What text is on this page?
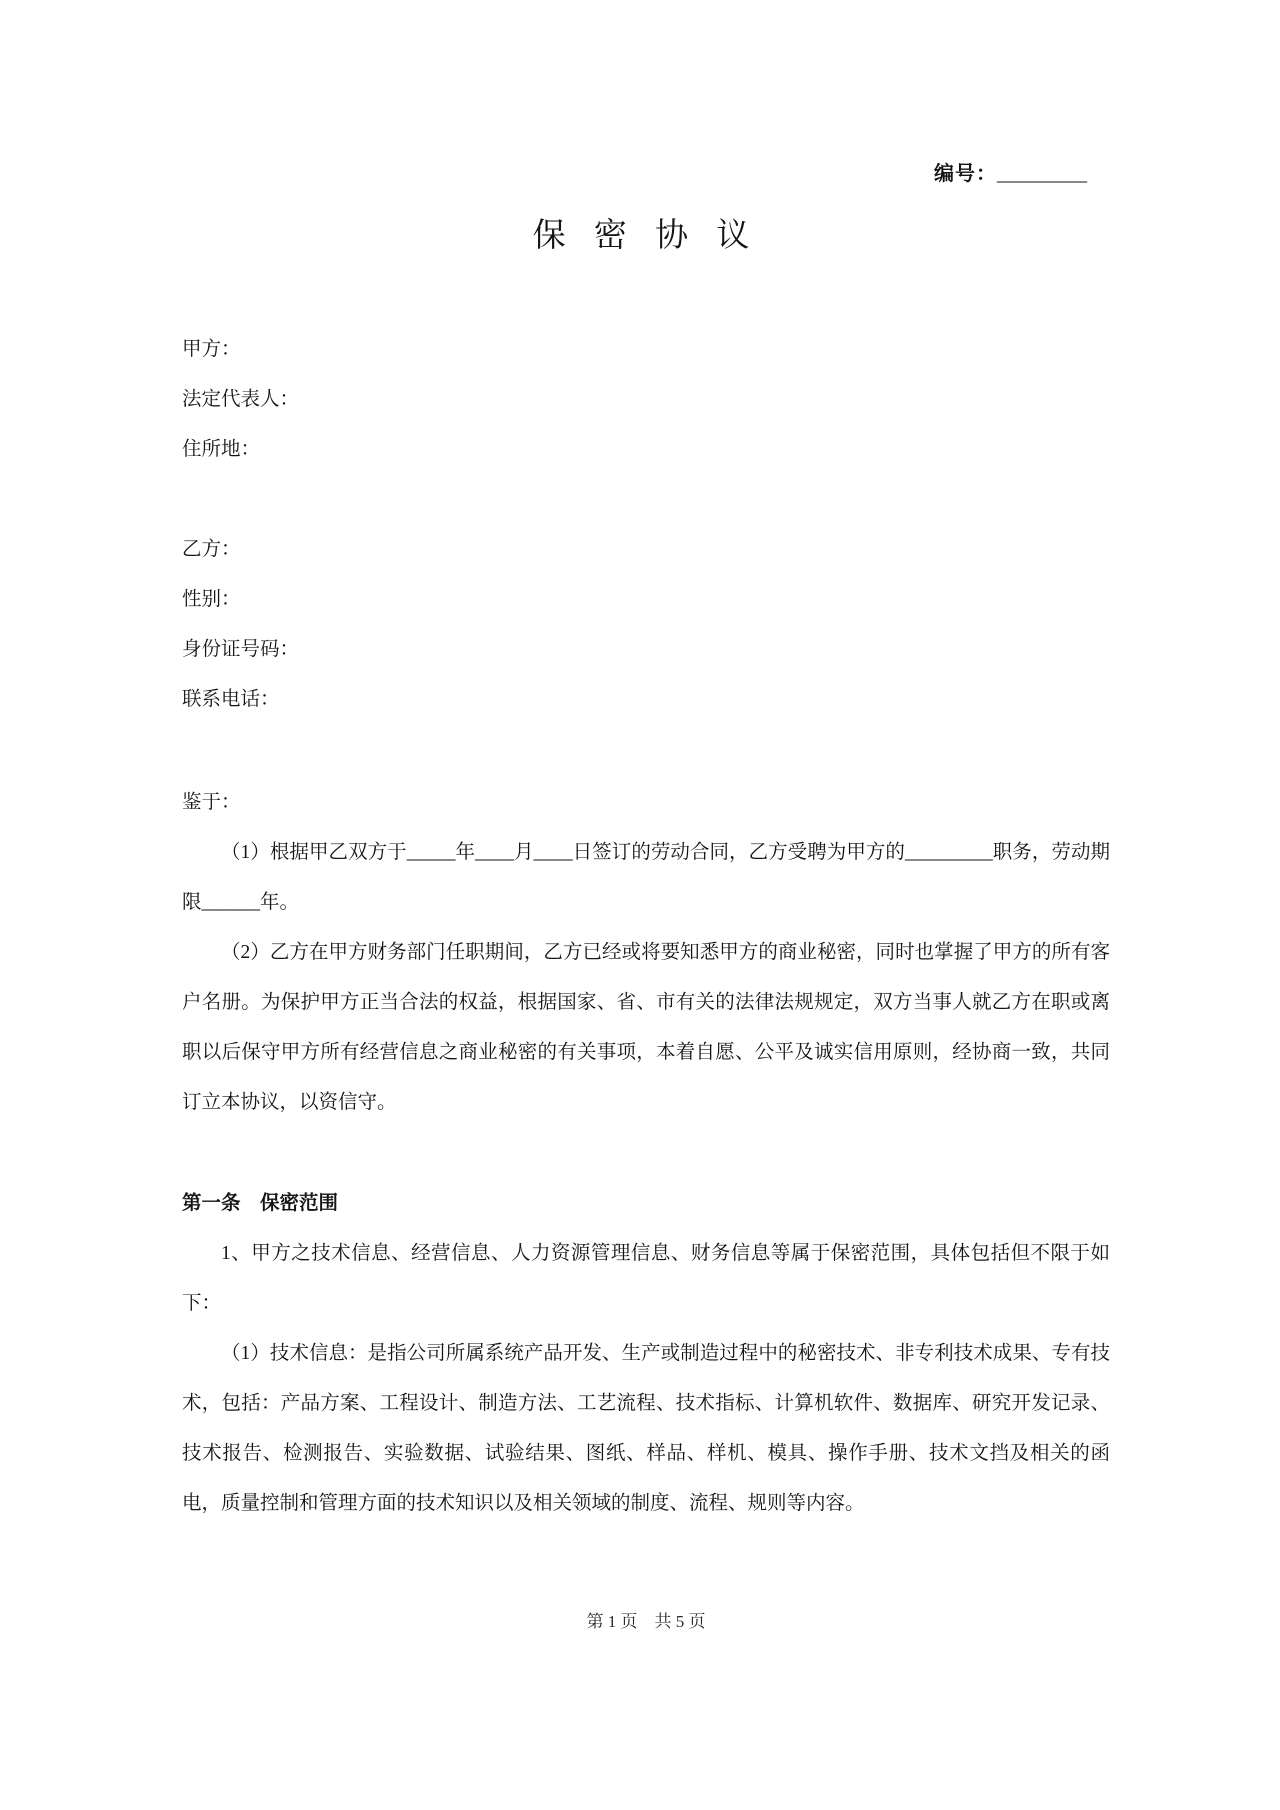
编号：_________
保 密 协 议

甲方：

法定代表人：

住所地：

乙方：

性别：

身份证号码：

联系电话：

鉴于：

（1）根据甲乙双方于_____年____月____日签订的劳动合同，乙方受聘为甲方的_________职务，劳动期限______年。

（2）乙方在甲方财务部门任职期间，乙方已经或将要知悉甲方的商业秘密，同时也掌握了甲方的所有客户名册。为保护甲方正当合法的权益，根据国家、省、市有关的法律法规规定，双方当事人就乙方在职或离职以后保守甲方所有经营信息之商业秘密的有关事项，本着自愿、公平及诚实信用原则，经协商一致，共同订立本协议，以资信守。

第一条　保密范围

1、甲方之技术信息、经营信息、人力资源管理信息、财务信息等属于保密范围，具体包括但不限于如下：

（1）技术信息：是指公司所属系统产品开发、生产或制造过程中的秘密技术、非专利技术成果、专有技术，包括：产品方案、工程设计、制造方法、工艺流程、技术指标、计算机软件、数据库、研究开发记录、技术报告、检测报告、实验数据、试验结果、图纸、样品、样机、模具、操作手册、技术文挡及相关的函电，质量控制和管理方面的技术知识以及相关领域的制度、流程、规则等内容。

第 1 页　共 5 页
